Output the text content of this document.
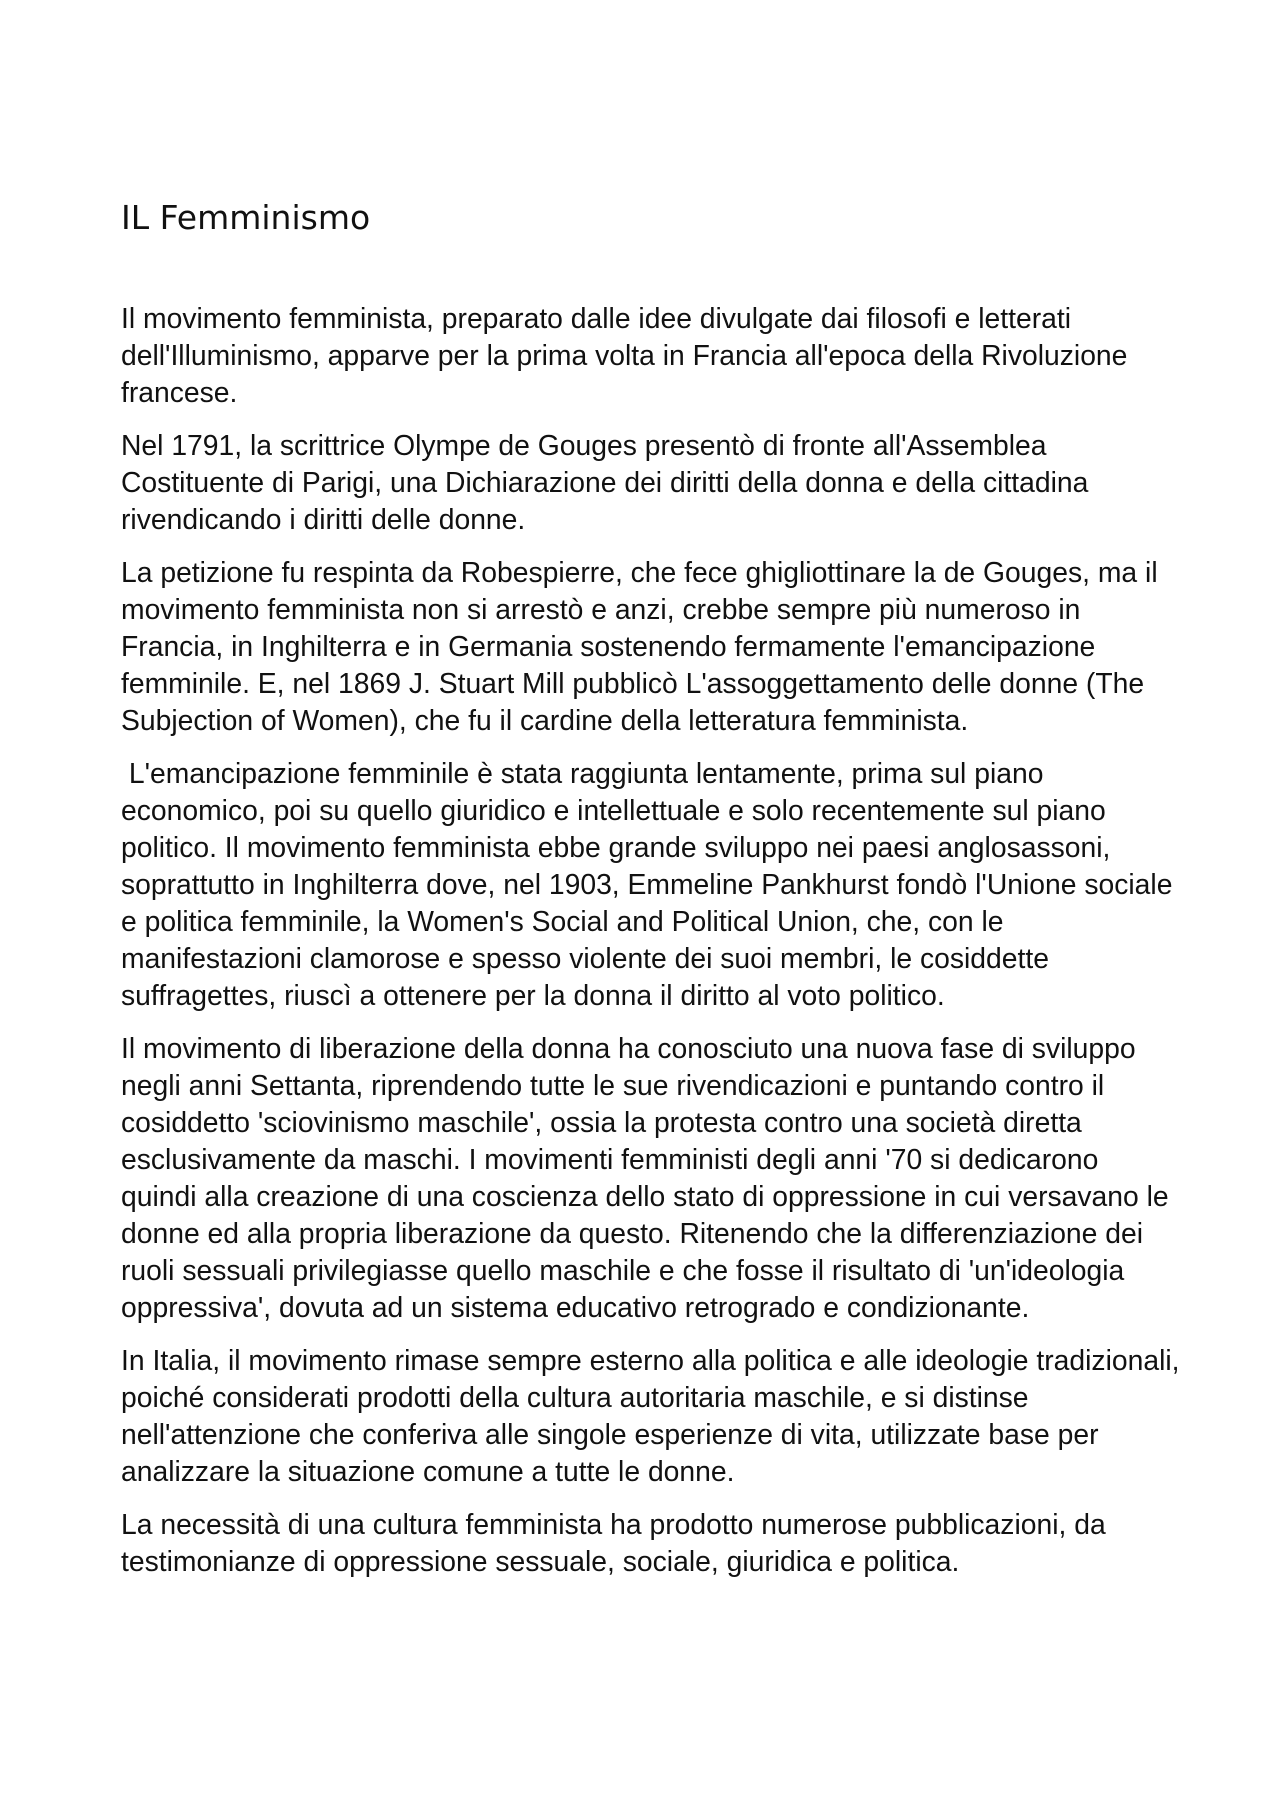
IL Femminismo

Il movimento femminista, preparato dalle idee divulgate dai filosofi e letterati dell'Illuminismo, apparve per la prima volta in Francia all'epoca della Rivoluzione francese.

Nel 1791, la scrittrice Olympe de Gouges presentò di fronte all'Assemblea Costituente di Parigi, una Dichiarazione dei diritti della donna e della cittadina rivendicando i diritti delle donne.

La petizione fu respinta da Robespierre, che fece ghigliottinare la de Gouges, ma il movimento femminista non si arrestò e anzi, crebbe sempre più numeroso in Francia, in Inghilterra e in Germania sostenendo fermamente l'emancipazione femminile. E, nel 1869 J. Stuart Mill pubblicò L'assoggettamento delle donne (The Subjection of Women), che fu il cardine della letteratura femminista.

L'emancipazione femminile è stata raggiunta lentamente, prima sul piano economico, poi su quello giuridico e intellettuale e solo recentemente sul piano politico. Il movimento femminista ebbe grande sviluppo nei paesi anglosassoni, soprattutto in Inghilterra dove, nel 1903, Emmeline Pankhurst fondò l'Unione sociale e politica femminile, la Women's Social and Political Union, che, con le manifestazioni clamorose e spesso violente dei suoi membri, le cosiddette suffragettes, riuscì a ottenere per la donna il diritto al voto politico.

Il movimento di liberazione della donna ha conosciuto una nuova fase di sviluppo negli anni Settanta, riprendendo tutte le sue rivendicazioni e puntando contro il cosiddetto 'sciovinismo maschile', ossia la protesta contro una società diretta esclusivamente da maschi. I movimenti femministi degli anni '70 si dedicarono quindi alla creazione di una coscienza dello stato di oppressione in cui versavano le donne ed alla propria liberazione da questo. Ritenendo che la differenziazione dei ruoli sessuali privilegiasse quello maschile e che fosse il risultato di 'un'ideologia oppressiva', dovuta ad un sistema educativo retrogrado e condizionante.

In Italia, il movimento rimase sempre esterno alla politica e alle ideologie tradizionali, poiché considerati prodotti della cultura autoritaria maschile, e si distinse nell'attenzione che conferiva alle singole esperienze di vita, utilizzate base per analizzare la situazione comune a tutte le donne.

La necessità di una cultura femminista ha prodotto numerose pubblicazioni, da testimonianze di oppressione sessuale, sociale, giuridica e politica.
